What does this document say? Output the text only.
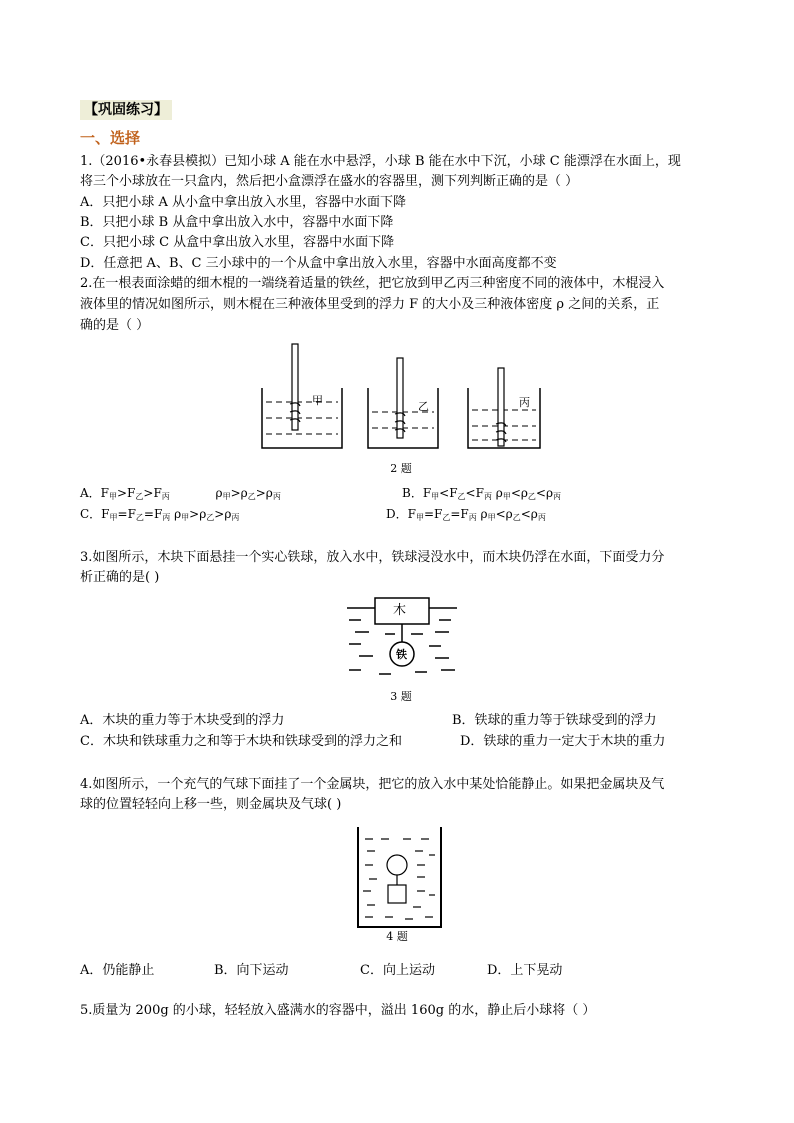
【巩固练习】
一、选择
1.（2016•永春县模拟）已知小球 A 能在水中悬浮，小球 B 能在水中下沉，小球 C 能漂浮在水面上，现
将三个小球放在一只盒内，然后把小盒漂浮在盛水的容器里，测下列判断正确的是（ ）
A．只把小球 A 从小盒中拿出放入水里，容器中水面下降
B．只把小球 B 从盒中拿出放入水中，容器中水面下降
C．只把小球 C 从盒中拿出放入水里，容器中水面下降
D．任意把 A、B、C 三小球中的一个从盒中拿出放入水里，容器中水面高度都不变
2.在一根表面涂蜡的细木棍的一端绕着适量的铁丝，把它放到甲乙丙三种密度不同的液体中，木棍浸入
液体里的情况如图所示，则木棍在三种液体里受到的浮力 F 的大小及三种液体密度 ρ 之间的关系，正
确的是（ ）
甲	乙	丙
2 题
A．$F_甲>F_乙>F_丙$            $\rho_甲>\rho_乙>\rho_丙$	B．$F_甲<F_乙<F_丙$ $\rho_甲<\rho_乙<\rho_丙$
C．$F_甲=F_乙=F_丙$ $\rho_甲>\rho_乙>\rho_丙$	D．$F_甲=F_乙=F_丙$ $\rho_甲<\rho_乙<\rho_丙$
3.如图所示，木块下面悬挂一个实心铁球，放入水中，铁球浸没水中，而木块仍浮在水面，下面受力分
析正确的是( )
木
铁
3 题
A．木块的重力等于木块受到的浮力	B．铁球的重力等于铁球受到的浮力
C．木块和铁球重力之和等于木块和铁球受到的浮力之和	D．铁球的重力一定大于木块的重力
4.如图所示，一个充气的气球下面挂了一个金属块，把它的放入水中某处恰能静止。如果把金属块及气
球的位置轻轻向上移一些，则金属块及气球( )
4 题
A．仍能静止	B．向下运动	C．向上运动	D．上下晃动
5.质量为 200g 的小球，轻轻放入盛满水的容器中，溢出 160g 的水，静止后小球将（ ）
